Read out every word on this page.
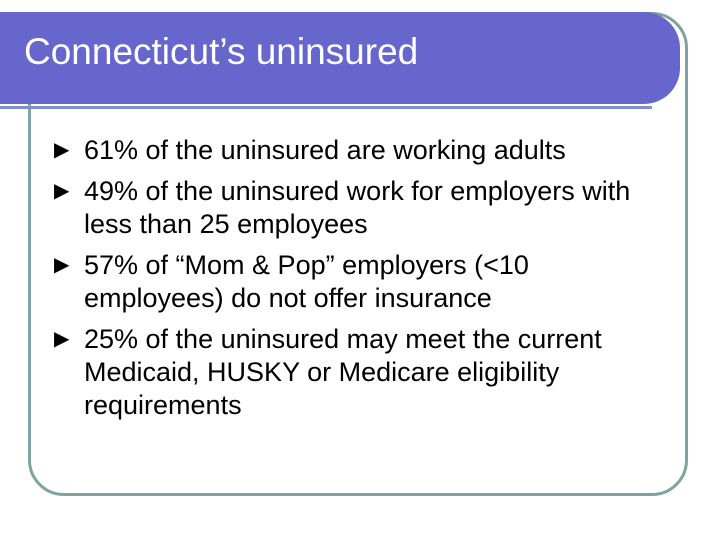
Connecticut’s uninsured
▶ 61% of the uninsured are working adults
▶ 49% of the uninsured work for employers with less than 25 employees
▶ 57% of “Mom & Pop” employers (<10 employees) do not offer insurance
▶ 25% of the uninsured may meet the current Medicaid, HUSKY or Medicare eligibility requirements
